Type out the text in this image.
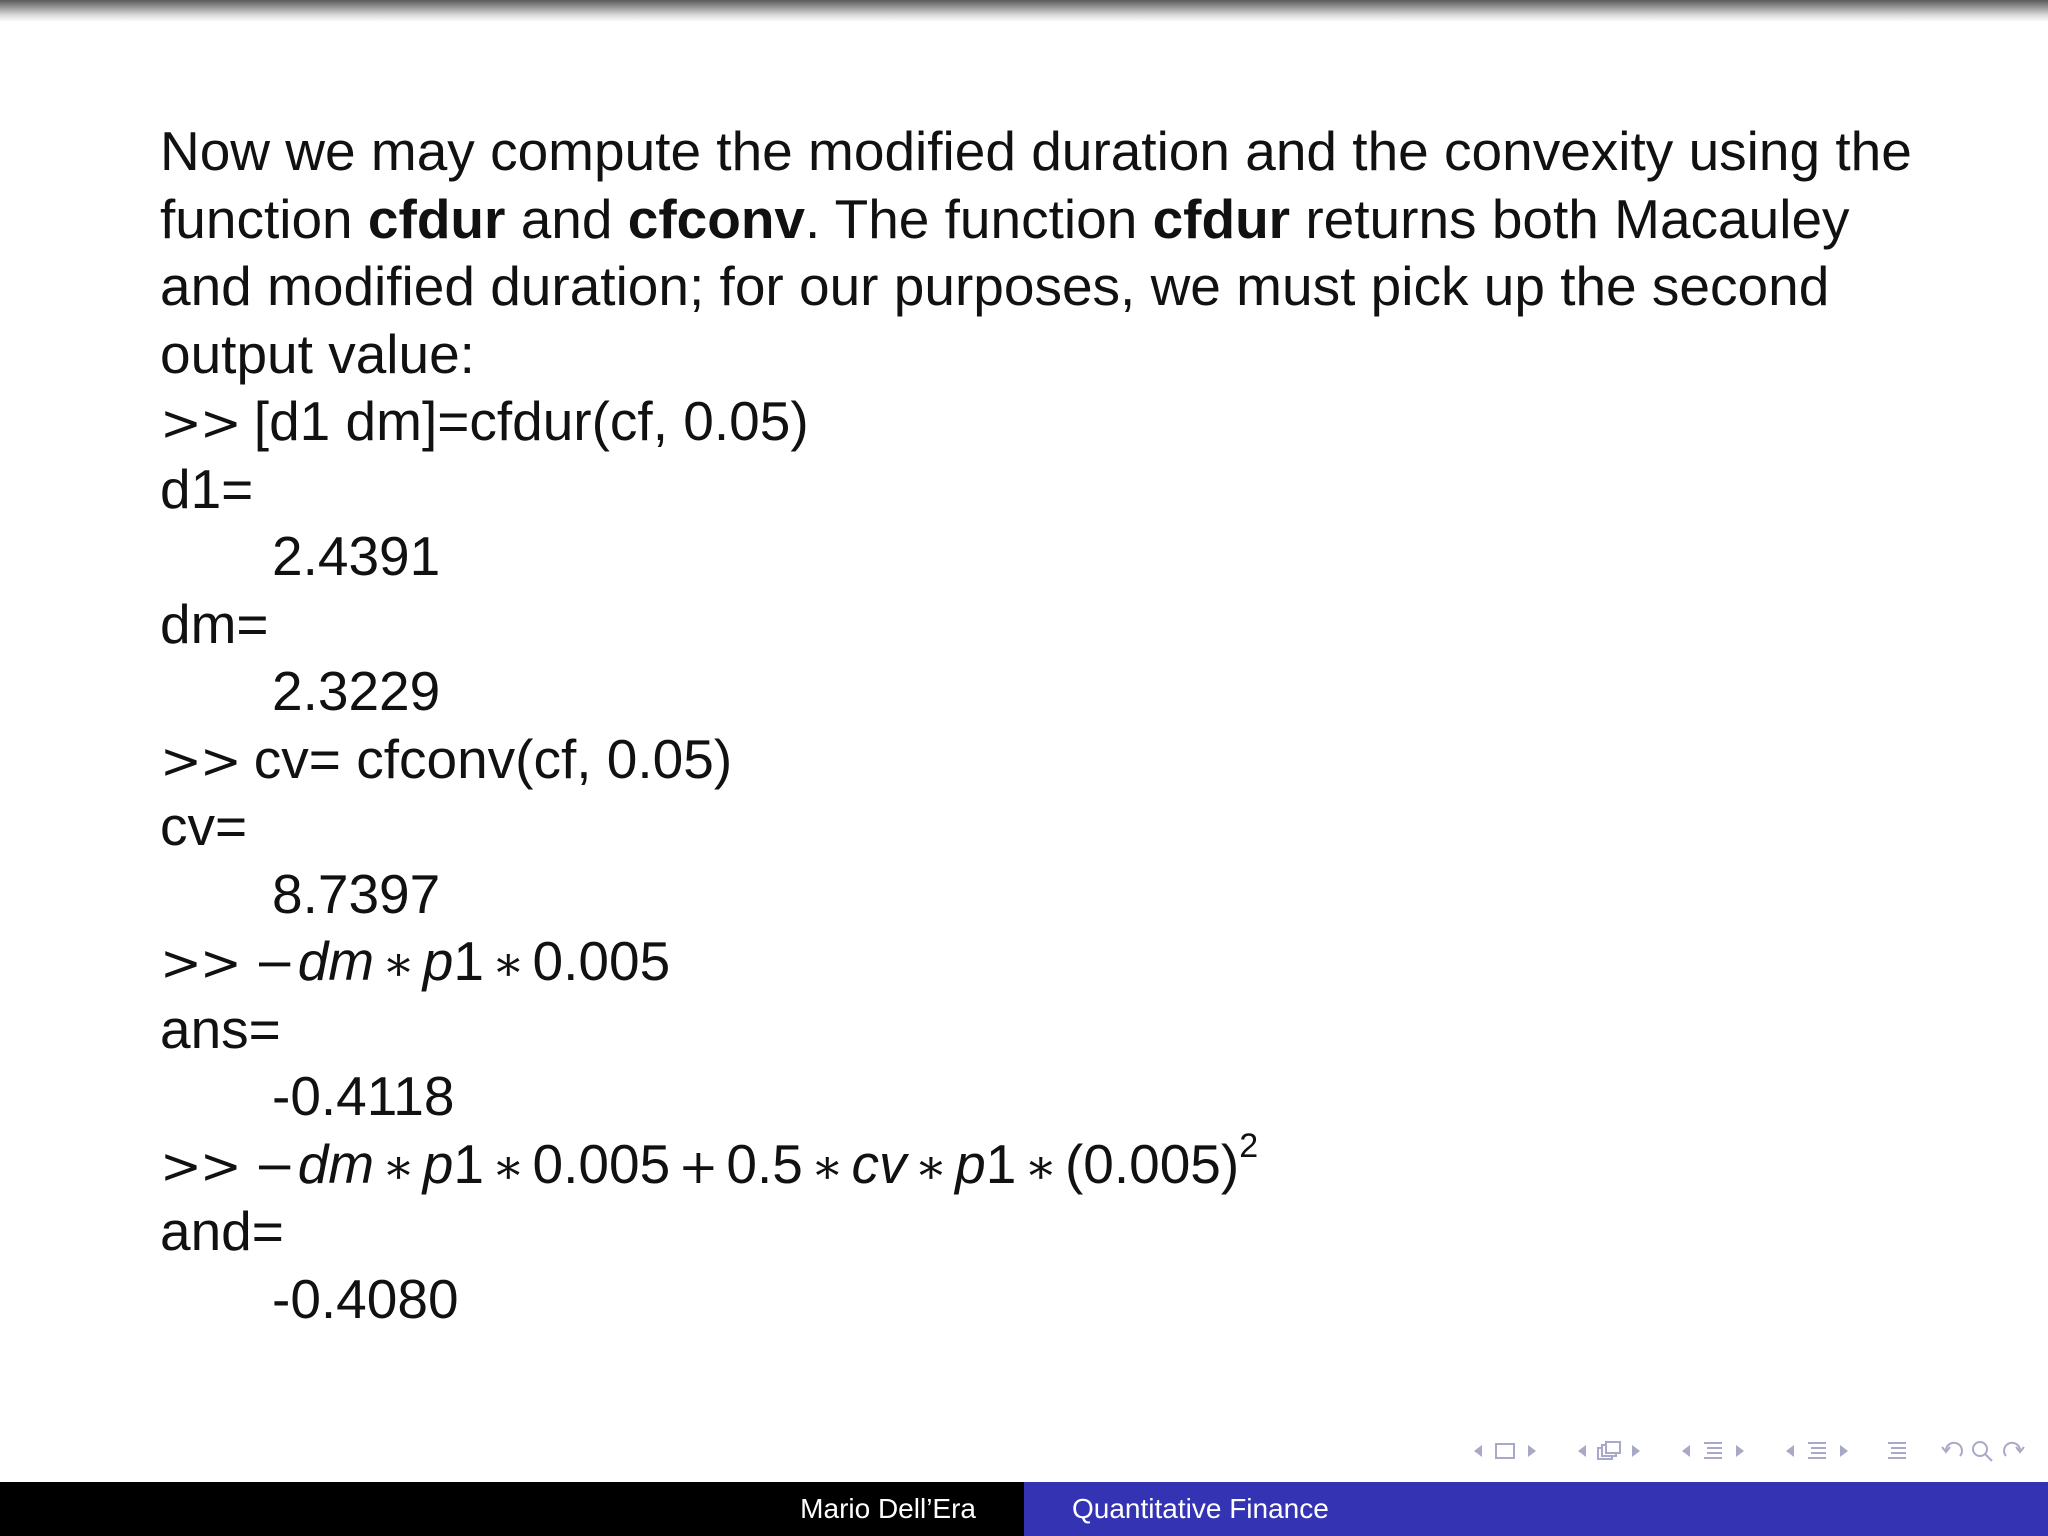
Now we may compute the modified duration and the convexity using the function cfdur and cfconv. The function cfdur returns both Macauley and modified duration; for our purposes, we must pick up the second output value:

>> [d1 dm]=cfdur(cf, 0.05)
d1=
2.4391
dm=
2.3229
>> cv= cfconv(cf, 0.05)
cv=
8.7397
>> −dm ∗ p1 ∗ 0.005
ans=
-0.4118
>> −dm ∗ p1 ∗ 0.005 + 0.5 ∗ cv ∗ p1 ∗ $(0.005)^2$
and=
-0.4080
Mario Dell’Era	Quantitative Finance
